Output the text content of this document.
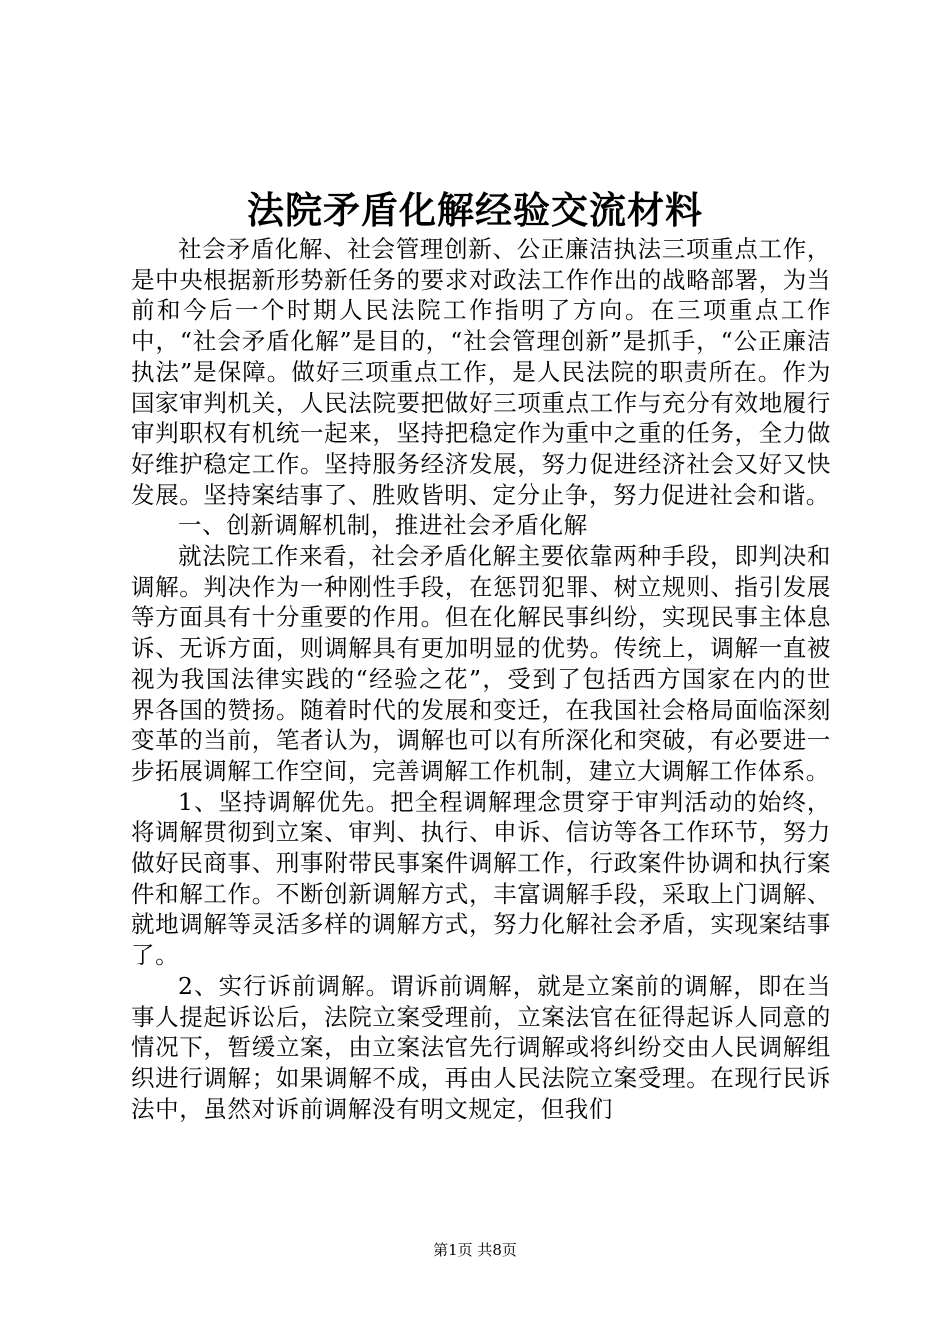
法院矛盾化解经验交流材料

社会矛盾化解、社会管理创新、公正廉洁执法三项重点工作，是中央根据新形势新任务的要求对政法工作作出的战略部署，为当前和今后一个时期人民法院工作指明了方向。在三项重点工作中，“社会矛盾化解”是目的，“社会管理创新”是抓手，“公正廉洁执法”是保障。做好三项重点工作，是人民法院的职责所在。作为国家审判机关，人民法院要把做好三项重点工作与充分有效地履行审判职权有机统一起来，坚持把稳定作为重中之重的任务，全力做好维护稳定工作。坚持服务经济发展，努力促进经济社会又好又快发展。坚持案结事了、胜败皆明、定分止争，努力促进社会和谐。

一、创新调解机制，推进社会矛盾化解

就法院工作来看，社会矛盾化解主要依靠两种手段，即判决和调解。判决作为一种刚性手段，在惩罚犯罪、树立规则、指引发展等方面具有十分重要的作用。但在化解民事纠纷，实现民事主体息诉、无诉方面，则调解具有更加明显的优势。传统上，调解一直被视为我国法律实践的“经验之花”，受到了包括西方国家在内的世界各国的赞扬。随着时代的发展和变迁，在我国社会格局面临深刻变革的当前，笔者认为，调解也可以有所深化和突破，有必要进一步拓展调解工作空间，完善调解工作机制，建立大调解工作体系。

1、坚持调解优先。把全程调解理念贯穿于审判活动的始终，将调解贯彻到立案、审判、执行、申诉、信访等各工作环节，努力做好民商事、刑事附带民事案件调解工作，行政案件协调和执行案件和解工作。不断创新调解方式，丰富调解手段，采取上门调解、就地调解等灵活多样的调解方式，努力化解社会矛盾，实现案结事了。

2、实行诉前调解。谓诉前调解，就是立案前的调解，即在当事人提起诉讼后，法院立案受理前，立案法官在征得起诉人同意的情况下，暂缓立案，由立案法官先行调解或将纠纷交由人民调解组织进行调解；如果调解不成，再由人民法院立案受理。在现行民诉法中，虽然对诉前调解没有明文规定，但我们

第1页 共8页
